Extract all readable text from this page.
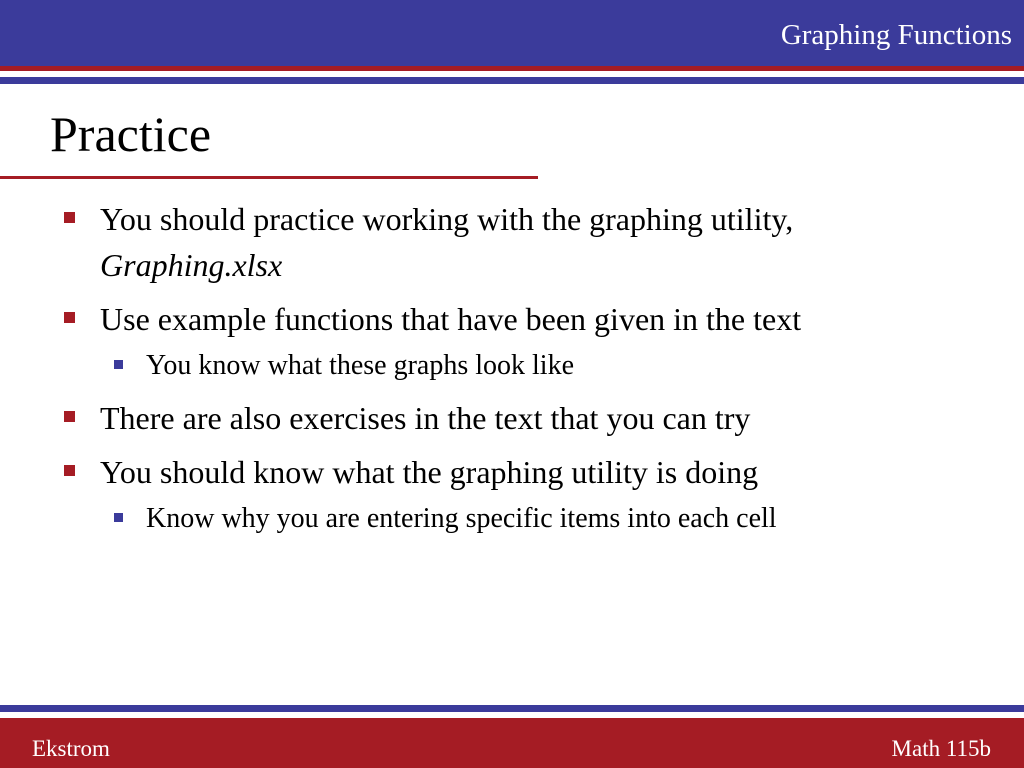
Graphing Functions
Practice
You should practice working with the graphing utility, Graphing.xlsx
Use example functions that have been given in the text
You know what these graphs look like
There are also exercises in the text that you can try
You should know what the graphing utility is doing
Know why you are entering specific items into each cell
Ekstrom	Math 115b
